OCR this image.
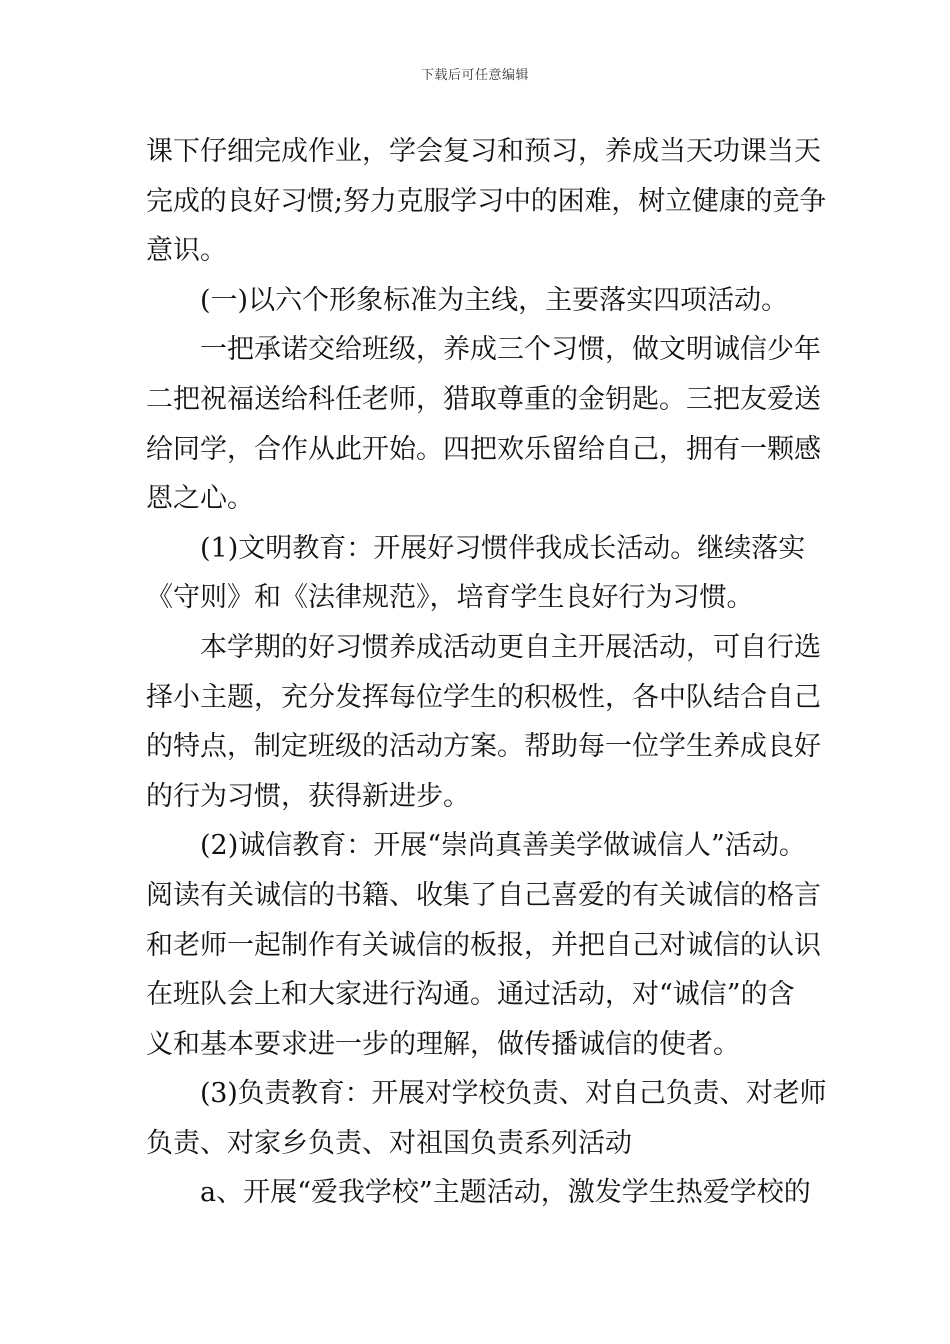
下载后可任意编辑
课下仔细完成作业，学会复习和预习，养成当天功课当天
完成的良好习惯;努力克服学习中的困难，树立健康的竞争
意识。
(一)以六个形象标准为主线，主要落实四项活动。
一把承诺交给班级，养成三个习惯，做文明诚信少年
二把祝福送给科任老师，猎取尊重的金钥匙。三把友爱送
给同学，合作从此开始。四把欢乐留给自己，拥有一颗感
恩之心。
(1)文明教育：开展好习惯伴我成长活动。继续落实
《守则》和《法律规范》，培育学生良好行为习惯。
本学期的好习惯养成活动更自主开展活动，可自行选
择小主题，充分发挥每位学生的积极性，各中队结合自己
的特点，制定班级的活动方案。帮助每一位学生养成良好
的行为习惯，获得新进步。
(2)诚信教育：开展“崇尚真善美学做诚信人”活动。
阅读有关诚信的书籍、收集了自己喜爱的有关诚信的格言
和老师一起制作有关诚信的板报，并把自己对诚信的认识
在班队会上和大家进行沟通。通过活动，对“诚信”的含
义和基本要求进一步的理解，做传播诚信的使者。
(3)负责教育：开展对学校负责、对自己负责、对老师
负责、对家乡负责、对祖国负责系列活动
a、开展“爱我学校”主题活动，激发学生热爱学校的
